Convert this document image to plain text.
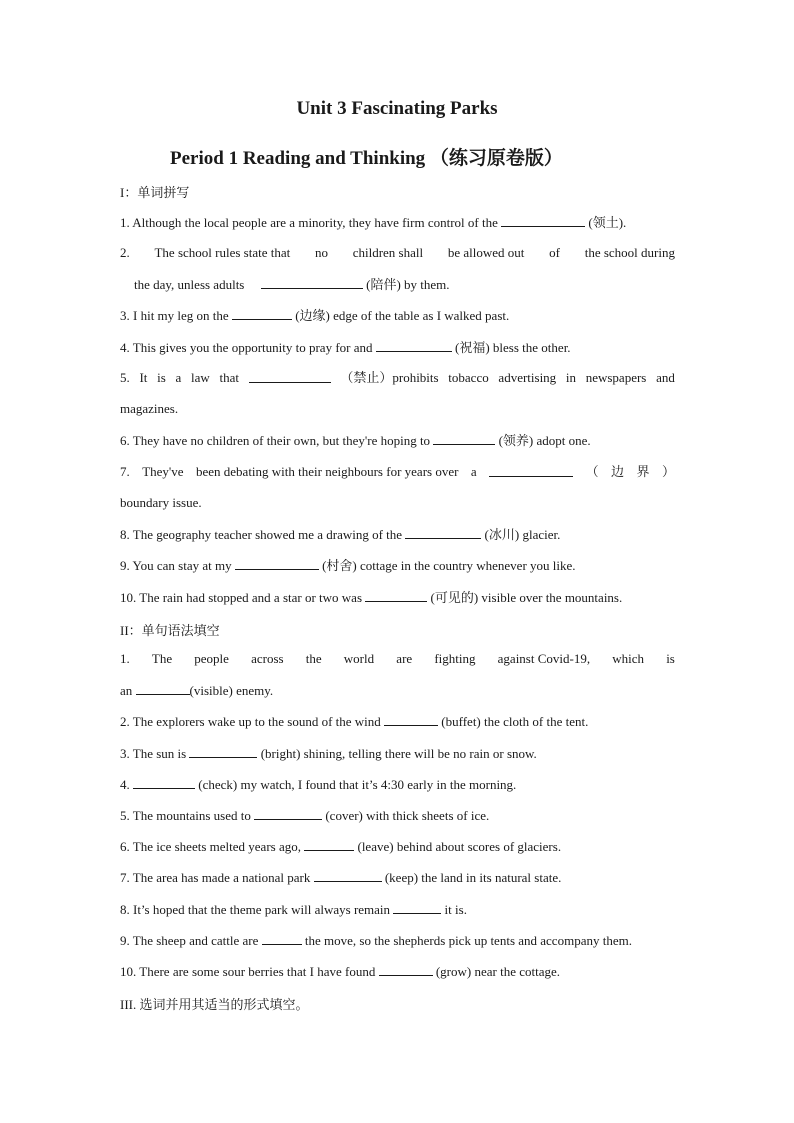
Unit 3 Fascinating Parks
Period 1 Reading and Thinking （练习原卷版）
I：单词拼写
1. Although the local people are a minority, they have firm control of the	(领土).
2. The school rules state that no children shall be allowed out of the school during
the day, unless adults	(陪伴) by them.
3. I hit my leg on the	(边缘) edge of the table as I walked past.
4. This gives you the opportunity to pray for and	(祝福) bless the other.
5. It is a law that	（禁止）prohibits tobacco advertising in newspapers and
magazines.
6. They have no children of their own, but they're hoping to	(领养) adopt one.
7. They've been debating with their neighbours for years over a	（ 边 界 ）
boundary issue.
8. The geography teacher showed me a drawing of the	(冰川) glacier.
9. You can stay at my	(村舍) cottage in the country whenever you like.
10. The rain had stopped and a star or two was	(可见的) visible over the mountains.
II：单句语法填空
1. The people across the world are fighting against Covid-19, which is
an	(visible) enemy.
2. The explorers wake up to the sound of the wind	(buffet) the cloth of the tent.
3. The sun is	(bright) shining, telling there will be no rain or snow.
4.	(check) my watch, I found that it’s 4:30 early in the morning.
5. The mountains used to	(cover) with thick sheets of ice.
6. The ice sheets melted years ago,	(leave) behind about scores of glaciers.
7. The area has made a national park	(keep) the land in its natural state.
8. It’s hoped that the theme park will always remain	it is.
9. The sheep and cattle are	the move, so the shepherds pick up tents and accompany them.
10. There are some sour berries that I have found	(grow) near the cottage.
III. 选词并用其适当的形式填空。
